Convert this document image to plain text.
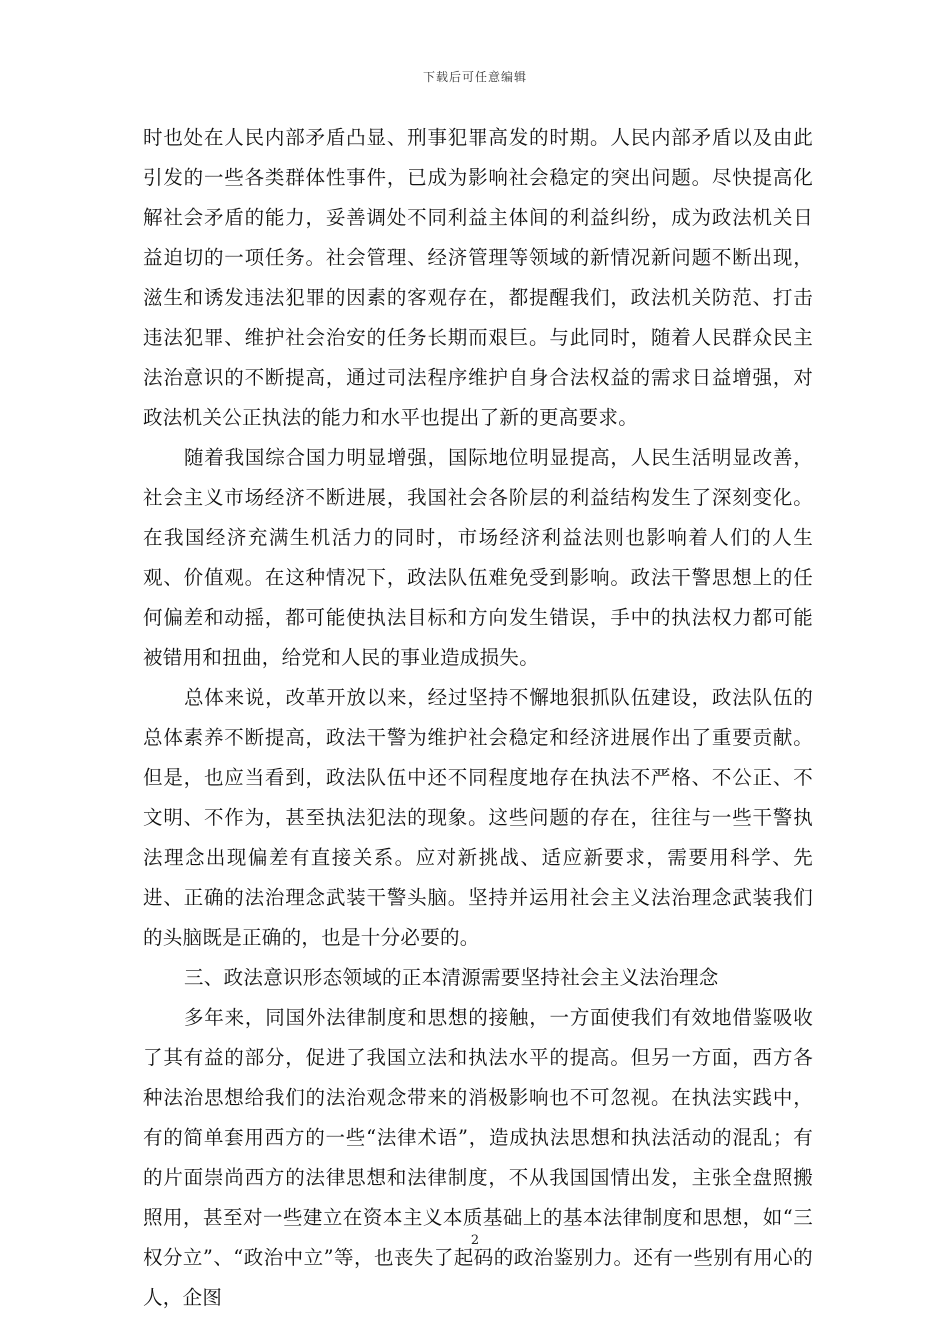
下载后可任意编辑

时也处在人民内部矛盾凸显、刑事犯罪高发的时期。人民内部矛盾以及由此引发的一些各类群体性事件，已成为影响社会稳定的突出问题。尽快提高化解社会矛盾的能力，妥善调处不同利益主体间的利益纠纷，成为政法机关日益迫切的一项任务。社会管理、经济管理等领域的新情况新问题不断出现，滋生和诱发违法犯罪的因素的客观存在，都提醒我们，政法机关防范、打击违法犯罪、维护社会治安的任务长期而艰巨。与此同时，随着人民群众民主法治意识的不断提高，通过司法程序维护自身合法权益的需求日益增强，对政法机关公正执法的能力和水平也提出了新的更高要求。

随着我国综合国力明显增强，国际地位明显提高，人民生活明显改善，社会主义市场经济不断进展，我国社会各阶层的利益结构发生了深刻变化。在我国经济充满生机活力的同时，市场经济利益法则也影响着人们的人生观、价值观。在这种情况下，政法队伍难免受到影响。政法干警思想上的任何偏差和动摇，都可能使执法目标和方向发生错误，手中的执法权力都可能被错用和扭曲，给党和人民的事业造成损失。

总体来说，改革开放以来，经过坚持不懈地狠抓队伍建设，政法队伍的总体素养不断提高，政法干警为维护社会稳定和经济进展作出了重要贡献。但是，也应当看到，政法队伍中还不同程度地存在执法不严格、不公正、不文明、不作为，甚至执法犯法的现象。这些问题的存在，往往与一些干警执法理念出现偏差有直接关系。应对新挑战、适应新要求，需要用科学、先进、正确的法治理念武装干警头脑。坚持并运用社会主义法治理念武装我们的头脑既是正确的，也是十分必要的。

三、政法意识形态领域的正本清源需要坚持社会主义法治理念

多年来，同国外法律制度和思想的接触，一方面使我们有效地借鉴吸收了其有益的部分，促进了我国立法和执法水平的提高。但另一方面，西方各种法治思想给我们的法治观念带来的消极影响也不可忽视。在执法实践中，有的简单套用西方的一些“法律术语”，造成执法思想和执法活动的混乱；有的片面崇尚西方的法律思想和法律制度，不从我国国情出发，主张全盘照搬照用，甚至对一些建立在资本主义本质基础上的基本法律制度和思想，如“三权分立”、“政治中立”等，也丧失了起码的政治鉴别力。还有一些别有用心的人，企图

2
